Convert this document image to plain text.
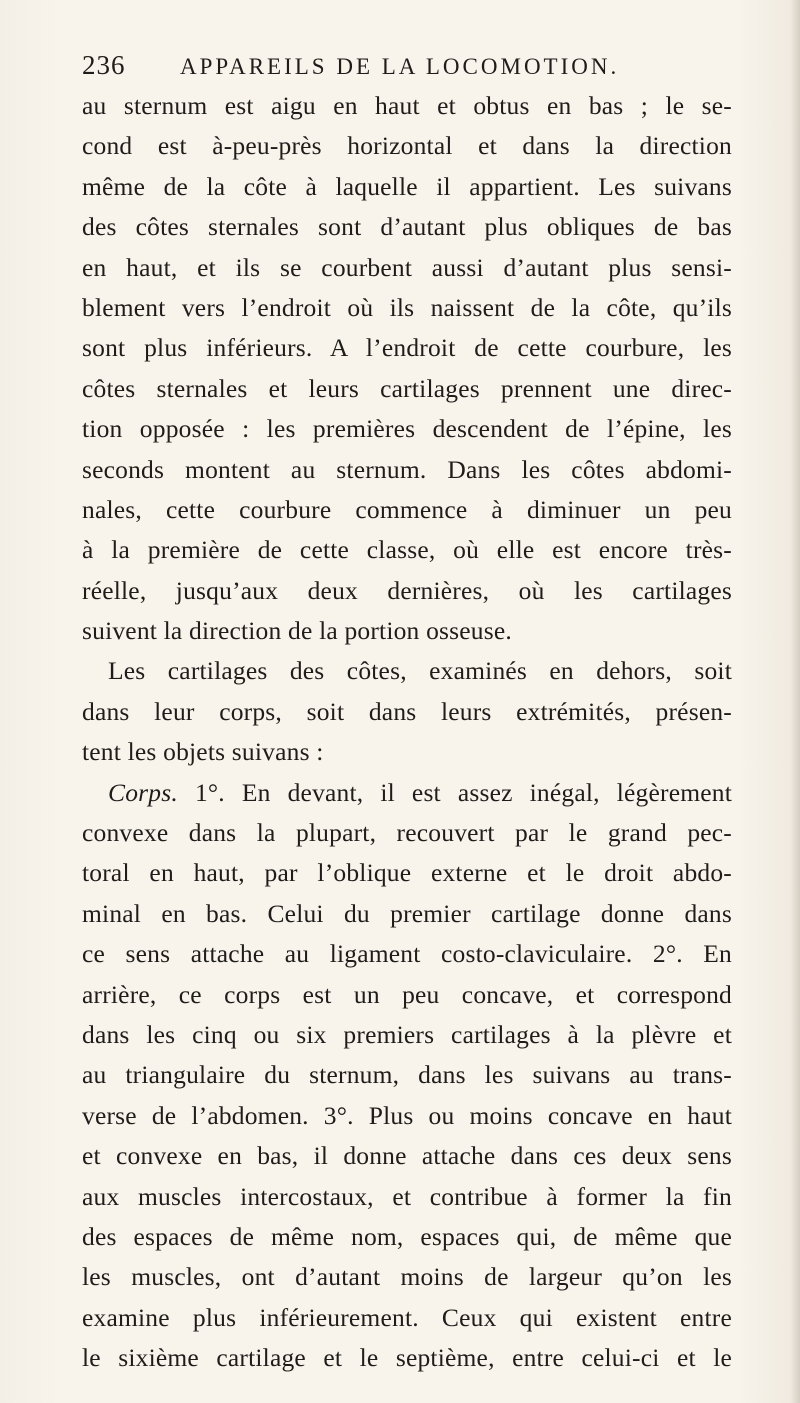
236 APPAREILS DE LA LOCOMOTION.
au sternum est aigu en haut et obtus en bas ; le se-
cond est à-peu-près horizontal et dans la direction
même de la côte à laquelle il appartient. Les suivans
des côtes sternales sont d’autant plus obliques de bas
en haut, et ils se courbent aussi d’autant plus sensi-
blement vers l’endroit où ils naissent de la côte, qu’ils
sont plus inférieurs. A l’endroit de cette courbure, les
côtes sternales et leurs cartilages prennent une direc-
tion opposée : les premières descendent de l’épine, les
seconds montent au sternum. Dans les côtes abdomi-
nales, cette courbure commence à diminuer un peu
à la première de cette classe, où elle est encore très-
réelle, jusqu’aux deux dernières, où les cartilages
suivent la direction de la portion osseuse.
Les cartilages des côtes, examinés en dehors, soit
dans leur corps, soit dans leurs extrémités, présen-
tent les objets suivans :
Corps. 1°. En devant, il est assez inégal, légèrement
convexe dans la plupart, recouvert par le grand pec-
toral en haut, par l’oblique externe et le droit abdo-
minal en bas. Celui du premier cartilage donne dans
ce sens attache au ligament costo-claviculaire. 2°. En
arrière, ce corps est un peu concave, et correspond
dans les cinq ou six premiers cartilages à la plèvre et
au triangulaire du sternum, dans les suivans au trans-
verse de l’abdomen. 3°. Plus ou moins concave en haut
et convexe en bas, il donne attache dans ces deux sens
aux muscles intercostaux, et contribue à former la fin
des espaces de même nom, espaces qui, de même que
les muscles, ont d’autant moins de largeur qu’on les
examine plus inférieurement. Ceux qui existent entre
le sixième cartilage et le septième, entre celui-ci et le
